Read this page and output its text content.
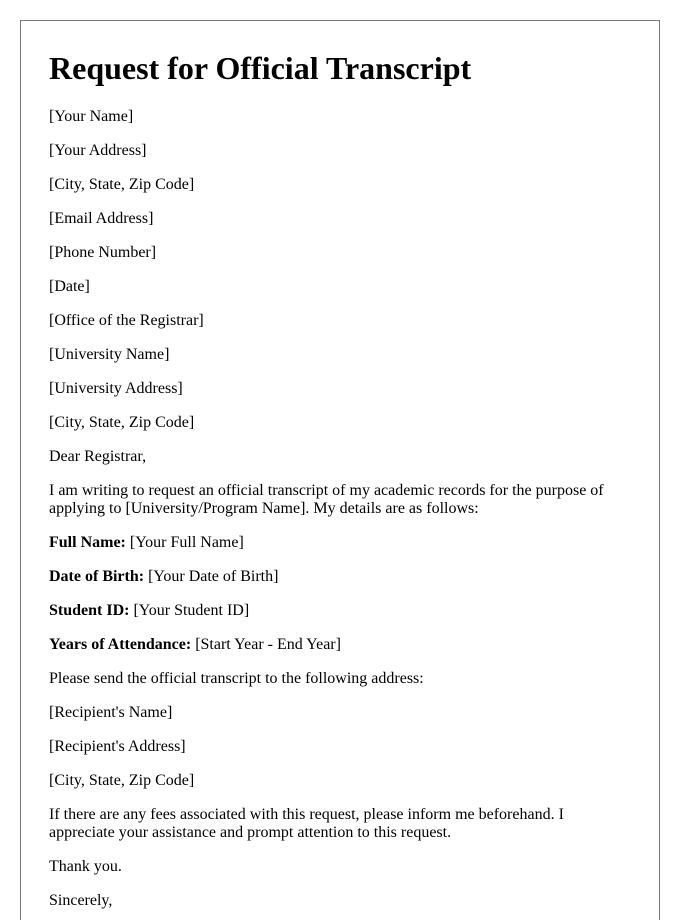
Request for Official Transcript

[Your Name]

[Your Address]

[City, State, Zip Code]

[Email Address]

[Phone Number]

[Date]

[Office of the Registrar]

[University Name]

[University Address]

[City, State, Zip Code]

Dear Registrar,

I am writing to request an official transcript of my academic records for the purpose of applying to [University/Program Name]. My details are as follows:

Full Name: [Your Full Name]

Date of Birth: [Your Date of Birth]

Student ID: [Your Student ID]

Years of Attendance: [Start Year - End Year]

Please send the official transcript to the following address:

[Recipient's Name]

[Recipient's Address]

[City, State, Zip Code]

If there are any fees associated with this request, please inform me beforehand. I appreciate your assistance and prompt attention to this request.

Thank you.

Sincerely,
